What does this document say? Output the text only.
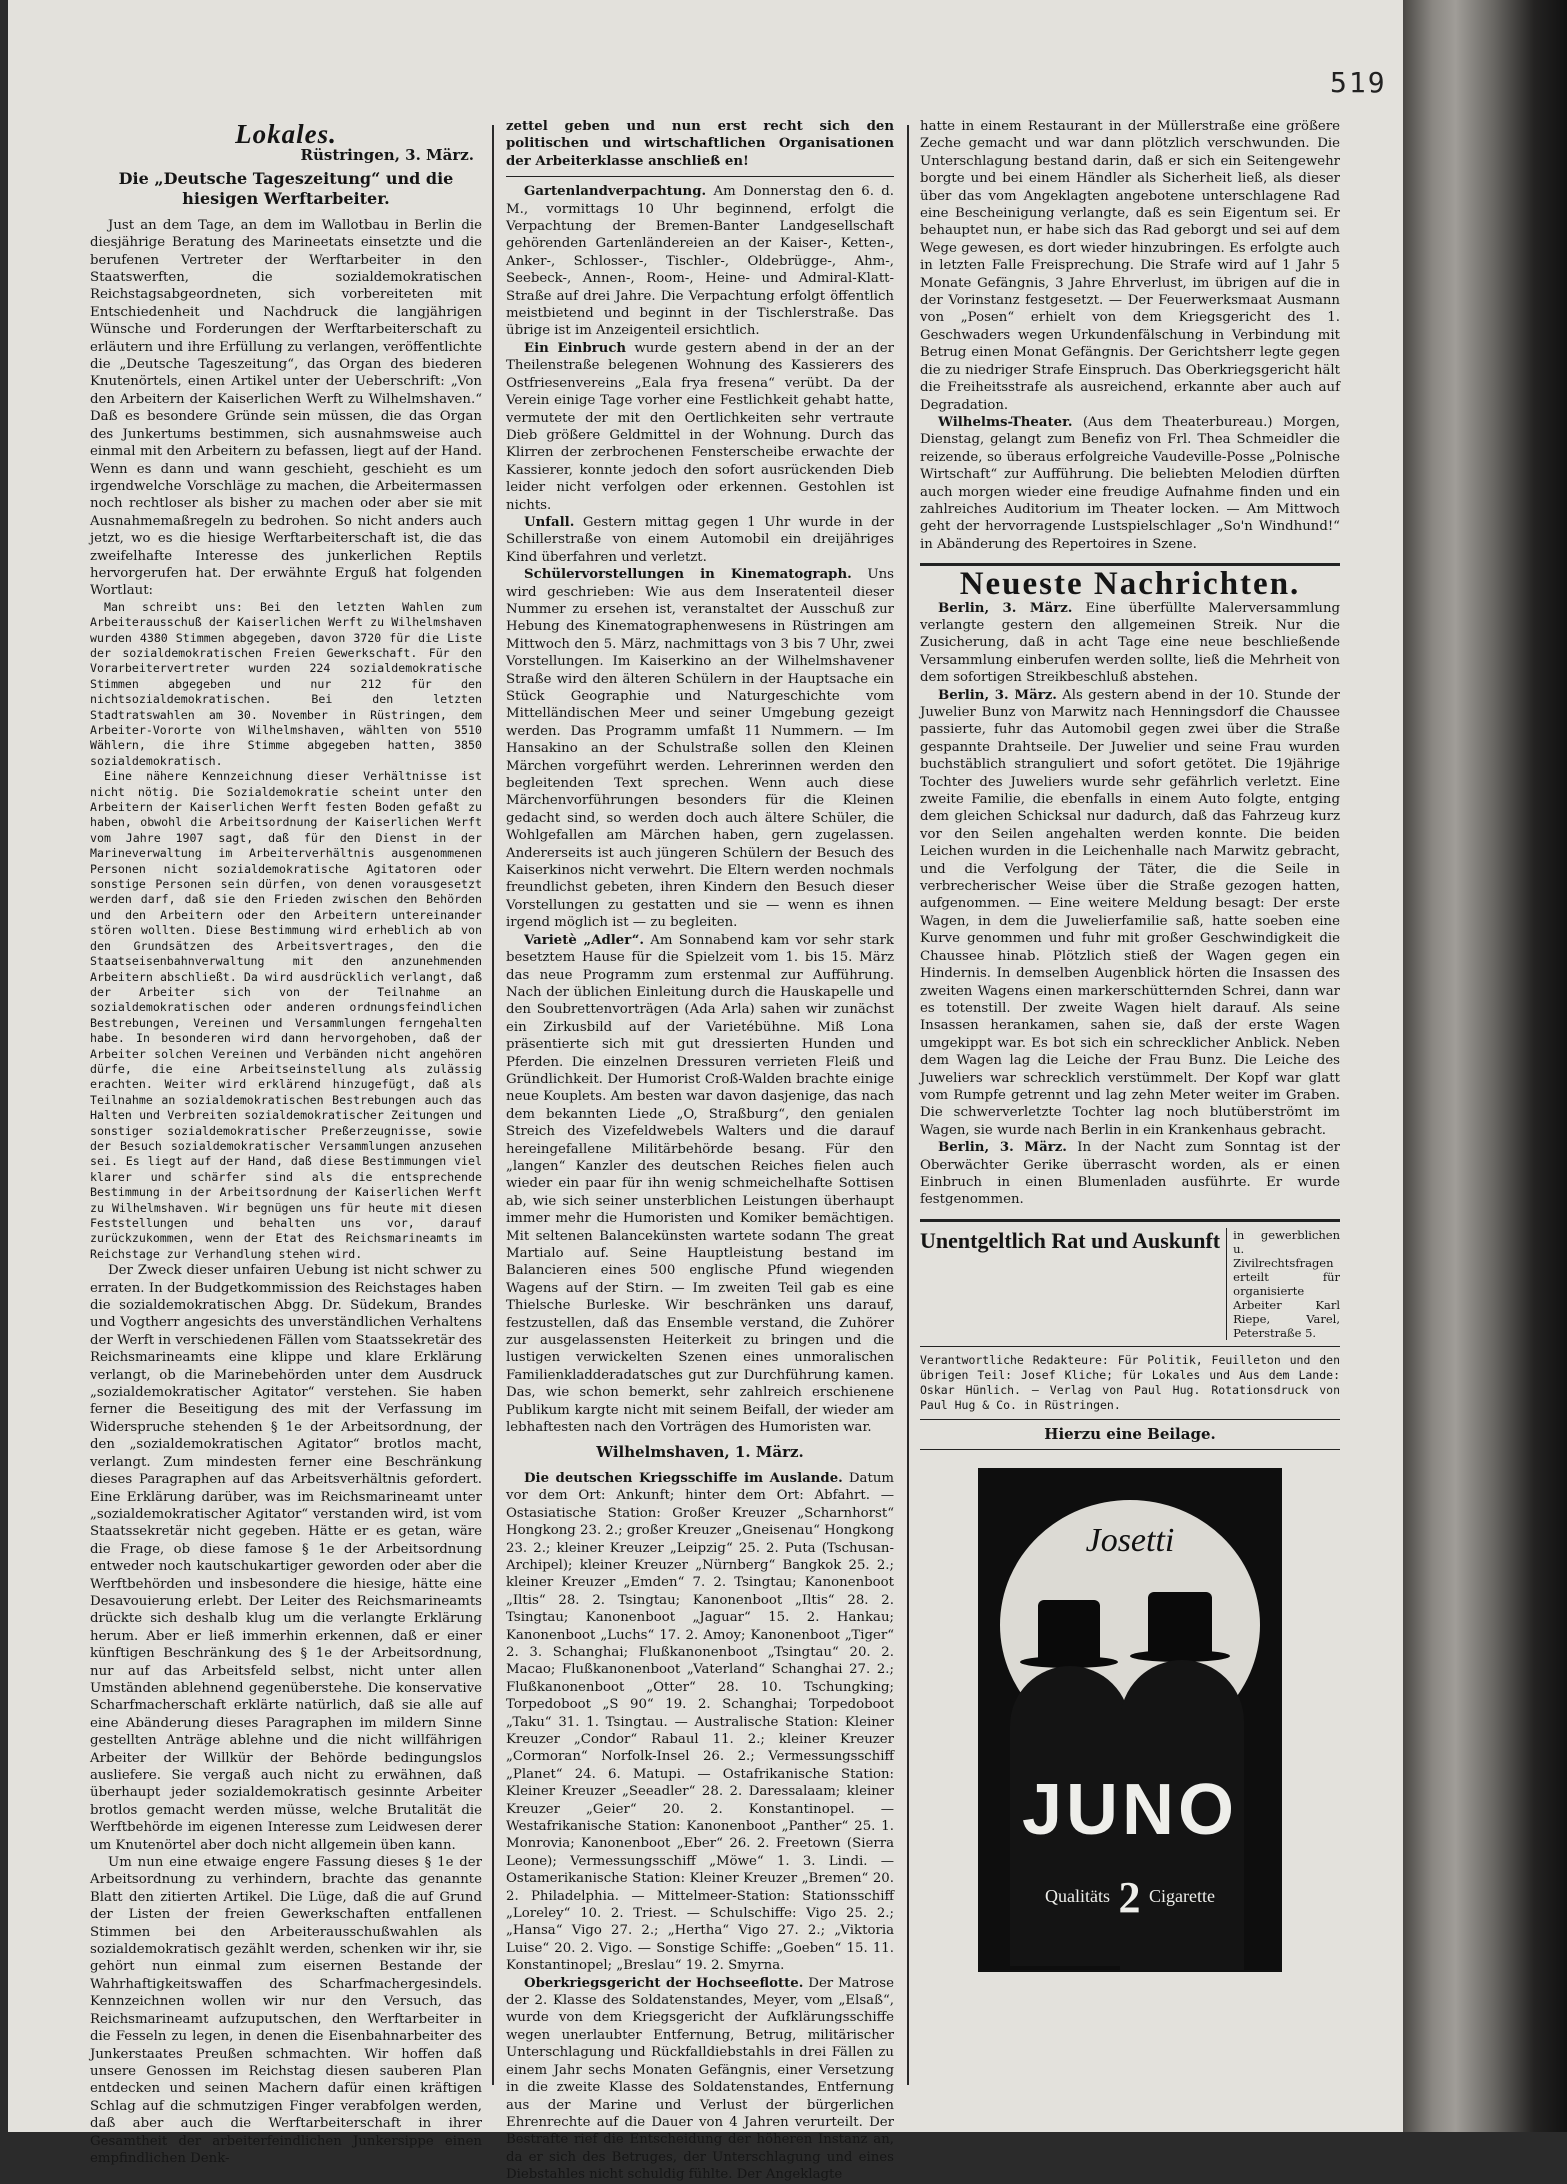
519
Lokales.
Rüstringen, 3. März.
Die „Deutsche Tageszeitung“ und die hiesigen Werftarbeiter.

Just an dem Tage, an dem im Wallotbau in Berlin die diesjährige Beratung des Marineetats einsetzte und die berufenen Vertreter der Werftarbeiter in den Staatswerften, die sozialdemokratischen Reichstagsabgeordneten, sich vorbereiteten mit Entschiedenheit und Nachdruck die langjährigen Wünsche und Forderungen der Werftarbeiterschaft zu erläutern und ihre Erfüllung zu verlangen, veröffentlichte die „Deutsche Tageszeitung“, das Organ des biederen Knutenörtels, einen Artikel unter der Ueberschrift: „Von den Arbeitern der Kaiserlichen Werft zu Wilhelmshaven.“ Daß es besondere Gründe sein müssen, die das Organ des Junkertums bestimmen, sich ausnahmsweise auch einmal mit den Arbeitern zu befassen, liegt auf der Hand. Wenn es dann und wann geschieht, geschieht es um irgendwelche Vorschläge zu machen, die Arbeitermassen noch rechtloser als bisher zu machen oder aber sie mit Ausnahmemaßregeln zu bedrohen. So nicht anders auch jetzt, wo es die hiesige Werftarbeiterschaft ist, die das zweifelhafte Interesse des junkerlichen Reptils hervorgerufen hat. Der erwähnte Erguß hat folgenden Wortlaut:

Man schreibt uns: Bei den letzten Wahlen zum Arbeiterausschuß der Kaiserlichen Werft zu Wilhelmshaven wurden 4380 Stimmen abgegeben, davon 3720 für die Liste der sozialdemokratischen Freien Gewerkschaft. Für den Vorarbeitervertreter wurden 224 sozialdemokratische Stimmen abgegeben und nur 212 für den nichtsozialdemokratischen. Bei den letzten Stadtratswahlen am 30. November in Rüstringen, dem Arbeiter-Vororte von Wilhelmshaven, wählten von 5510 Wählern, die ihre Stimme abgegeben hatten, 3850 sozialdemokratisch.

Eine nähere Kennzeichnung dieser Verhältnisse ist nicht nötig. Die Sozialdemokratie scheint unter den Arbeitern der Kaiserlichen Werft festen Boden gefaßt zu haben, obwohl die Arbeitsordnung der Kaiserlichen Werft vom Jahre 1907 sagt, daß für den Dienst in der Marineverwaltung im Arbeiterverhältnis ausgenommenen Personen nicht sozialdemokratische Agitatoren oder sonstige Personen sein dürfen, von denen vorausgesetzt werden darf, daß sie den Frieden zwischen den Behörden und den Arbeitern oder den Arbeitern untereinander stören wollten. Diese Bestimmung wird erheblich ab von den Grundsätzen des Arbeitsvertrages, den die Staatseisenbahnverwaltung mit den anzunehmenden Arbeitern abschließt. Da wird ausdrücklich verlangt, daß der Arbeiter sich von der Teilnahme an sozialdemokratischen oder anderen ordnungsfeindlichen Bestrebungen, Vereinen und Versammlungen ferngehalten habe. In besonderen wird dann hervorgehoben, daß der Arbeiter solchen Vereinen und Verbänden nicht angehören dürfe, die eine Arbeitseinstellung als zulässig erachten. Weiter wird erklärend hinzugefügt, daß als Teilnahme an sozialdemokratischen Bestrebungen auch das Halten und Verbreiten sozialdemokratischer Zeitungen und sonstiger sozialdemokratischer Preßerzeugnisse, sowie der Besuch sozialdemokratischer Versammlungen anzusehen sei. Es liegt auf der Hand, daß diese Bestimmungen viel klarer und schärfer sind als die entsprechende Bestimmung in der Arbeitsordnung der Kaiserlichen Werft zu Wilhelmshaven. Wir begnügen uns für heute mit diesen Feststellungen und behalten uns vor, darauf zurückzukommen, wenn der Etat des Reichsmarineamts im Reichstage zur Verhandlung stehen wird.

Der Zweck dieser unfairen Uebung ist nicht schwer zu erraten. In der Budgetkommission des Reichstages haben die sozialdemokratischen Abgg. Dr. Südekum, Brandes und Vogtherr angesichts des unverständlichen Verhaltens der Werft in verschiedenen Fällen vom Staatssekretär des Reichsmarineamts eine klippe und klare Erklärung verlangt, ob die Marinebehörden unter dem Ausdruck „sozialdemokratischer Agitator“ verstehen. Sie haben ferner die Beseitigung des mit der Verfassung im Widerspruche stehenden § 1e der Arbeitsordnung, der den „sozialdemokratischen Agitator“ brotlos macht, verlangt. Zum mindesten ferner eine Beschränkung dieses Paragraphen auf das Arbeitsverhältnis gefordert. Eine Erklärung darüber, was im Reichsmarineamt unter „sozialdemokratischer Agitator“ verstanden wird, ist vom Staatssekretär nicht gegeben. Hätte er es getan, wäre die Frage, ob diese famose § 1e der Arbeitsordnung entweder noch kautschukartiger geworden oder aber die Werftbehörden und insbesondere die hiesige, hätte eine Desavouierung erlebt. Der Leiter des Reichsmarineamts drückte sich deshalb klug um die verlangte Erklärung herum. Aber er ließ immerhin erkennen, daß er einer künftigen Beschränkung des § 1e der Arbeitsordnung, nur auf das Arbeitsfeld selbst, nicht unter allen Umständen ablehnend gegenüberstehe. Die konservative Scharfmacherschaft erklärte natürlich, daß sie alle auf eine Abänderung dieses Paragraphen im mildern Sinne gestellten Anträge ablehne und die nicht willfährigen Arbeiter der Willkür der Behörde bedingungslos ausliefere. Sie vergaß auch nicht zu erwähnen, daß überhaupt jeder sozialdemokratisch gesinnte Arbeiter brotlos gemacht werden müsse, welche Brutalität die Werftbehörde im eigenen Interesse zum Leidwesen derer um Knutenörtel aber doch nicht allgemein üben kann.

Um nun eine etwaige engere Fassung dieses § 1e der Arbeitsordnung zu verhindern, brachte das genannte Blatt den zitierten Artikel. Die Lüge, daß die auf Grund der Listen der freien Gewerkschaften entfallenen Stimmen bei den Arbeiterausschußwahlen als sozialdemokratisch gezählt werden, schenken wir ihr, sie gehört nun einmal zum eisernen Bestande der Wahrhaftigkeitswaffen des Scharfmachergesindels. Kennzeichnen wollen wir nur den Versuch, das Reichsmarineamt aufzuputschen, den Werftarbeiter in die Fesseln zu legen, in denen die Eisenbahnarbeiter des Junkerstaates Preußen schmachten. Wir hoffen daß unsere Genossen im Reichstag diesen sauberen Plan entdecken und seinen Machern dafür einen kräftigen Schlag auf die schmutzigen Finger verabfolgen werden, daß aber auch die Werftarbeiterschaft in ihrer Gesamtheit der arbeiterfeindlichen Junkersippe einen empfindlichen Denk-

zettel geben und nun erst recht sich den politischen und wirtschaftlichen Organisationen der Arbeiterklasse anschließ en!

Gartenlandverpachtung. Am Donnerstag den 6. d. M., vormittags 10 Uhr beginnend, erfolgt die Verpachtung der Bremen-Banter Landgesellschaft gehörenden Gartenländereien an der Kaiser-, Ketten-, Anker-, Schlosser-, Tischler-, Oldebrügge-, Ahm-, Seebeck-, Annen-, Room-, Heine- und Admiral-Klatt-Straße auf drei Jahre. Die Verpachtung erfolgt öffentlich meistbietend und beginnt in der Tischlerstraße. Das übrige ist im Anzeigenteil ersichtlich.

Ein Einbruch wurde gestern abend in der an der Theilenstraße belegenen Wohnung des Kassierers des Ostfriesenvereins „Eala frya fresena“ verübt. Da der Verein einige Tage vorher eine Festlichkeit gehabt hatte, vermutete der mit den Oertlichkeiten sehr vertraute Dieb größere Geldmittel in der Wohnung. Durch das Klirren der zerbrochenen Fensterscheibe erwachte der Kassierer, konnte jedoch den sofort ausrückenden Dieb leider nicht verfolgen oder erkennen. Gestohlen ist nichts.

Unfall. Gestern mittag gegen 1 Uhr wurde in der Schillerstraße von einem Automobil ein dreijähriges Kind überfahren und verletzt.

Schülervorstellungen in Kinematograph. Uns wird geschrieben: Wie aus dem Inseratenteil dieser Nummer zu ersehen ist, veranstaltet der Ausschuß zur Hebung des Kinematographenwesens in Rüstringen am Mittwoch den 5. März, nachmittags von 3 bis 7 Uhr, zwei Vorstellungen. Im Kaiserkino an der Wilhelmshavener Straße wird den älteren Schülern in der Hauptsache ein Stück Geographie und Naturgeschichte vom Mittelländischen Meer und seiner Umgebung gezeigt werden. Das Programm umfaßt 11 Nummern. — Im Hansakino an der Schulstraße sollen den Kleinen Märchen vorgeführt werden. Lehrerinnen werden den begleitenden Text sprechen. Wenn auch diese Märchenvorführungen besonders für die Kleinen gedacht sind, so werden doch auch ältere Schüler, die Wohlgefallen am Märchen haben, gern zugelassen. Andererseits ist auch jüngeren Schülern der Besuch des Kaiserkinos nicht verwehrt. Die Eltern werden nochmals freundlichst gebeten, ihren Kindern den Besuch dieser Vorstellungen zu gestatten und sie — wenn es ihnen irgend möglich ist — zu begleiten.

Varietè „Adler“. Am Sonnabend kam vor sehr stark besetztem Hause für die Spielzeit vom 1. bis 15. März das neue Programm zum erstenmal zur Aufführung. Nach der üblichen Einleitung durch die Hauskapelle und den Soubrettenvorträgen (Ada Arla) sahen wir zunächst ein Zirkusbild auf der Varietébühne. Miß Lona präsentierte sich mit gut dressierten Hunden und Pferden. Die einzelnen Dressuren verrieten Fleiß und Gründlichkeit. Der Humorist Croß-Walden brachte einige neue Kouplets. Am besten war davon dasjenige, das nach dem bekannten Liede „O, Straßburg“, den genialen Streich des Vizefeldwebels Walters und die darauf hereingefallene Militärbehörde besang. Für den „langen“ Kanzler des deutschen Reiches fielen auch wieder ein paar für ihn wenig schmeichelhafte Sottisen ab, wie sich seiner unsterblichen Leistungen überhaupt immer mehr die Humoristen und Komiker bemächtigen. Mit seltenen Balancekünsten wartete sodann The great Martialo auf. Seine Hauptleistung bestand im Balancieren eines 500 englische Pfund wiegenden Wagens auf der Stirn. — Im zweiten Teil gab es eine Thielsche Burleske. Wir beschränken uns darauf, festzustellen, daß das Ensemble verstand, die Zuhörer zur ausgelassensten Heiterkeit zu bringen und die lustigen verwickelten Szenen eines unmoralischen Familienkladderadatsches gut zur Durchführung kamen. Das, wie schon bemerkt, sehr zahlreich erschienene Publikum kargte nicht mit seinem Beifall, der wieder am lebhaftesten nach den Vorträgen des Humoristen war.

Wilhelmshaven, 1. März.

Die deutschen Kriegsschiffe im Auslande. Datum vor dem Ort: Ankunft; hinter dem Ort: Abfahrt. — Ostasiatische Station: Großer Kreuzer „Scharnhorst“ Hongkong 23. 2.; großer Kreuzer „Gneisenau“ Hongkong 23. 2.; kleiner Kreuzer „Leipzig“ 25. 2. Puta (Tschusan-Archipel); kleiner Kreuzer „Nürnberg“ Bangkok 25. 2.; kleiner Kreuzer „Emden“ 7. 2. Tsingtau; Kanonenboot „Iltis“ 28. 2. Tsingtau; Kanonenboot „Iltis“ 28. 2. Tsingtau; Kanonenboot „Jaguar“ 15. 2. Hankau; Kanonenboot „Luchs“ 17. 2. Amoy; Kanonenboot „Tiger“ 2. 3. Schanghai; Flußkanonenboot „Tsingtau“ 20. 2. Macao; Flußkanonenboot „Vaterland“ Schanghai 27. 2.; Flußkanonenboot „Otter“ 28. 10. Tschungking; Torpedoboot „S 90“ 19. 2. Schanghai; Torpedoboot „Taku“ 31. 1. Tsingtau. — Australische Station: Kleiner Kreuzer „Condor“ Rabaul 11. 2.; kleiner Kreuzer „Cormoran“ Norfolk-Insel 26. 2.; Vermessungsschiff „Planet“ 24. 6. Matupi. — Ostafrikanische Station: Kleiner Kreuzer „Seeadler“ 28. 2. Daressalaam; kleiner Kreuzer „Geier“ 20. 2. Konstantinopel. — Westafrikanische Station: Kanonenboot „Panther“ 25. 1. Monrovia; Kanonenboot „Eber“ 26. 2. Freetown (Sierra Leone); Vermessungsschiff „Möwe“ 1. 3. Lindi. — Ostamerikanische Station: Kleiner Kreuzer „Bremen“ 20. 2. Philadelphia. — Mittelmeer-Station: Stationsschiff „Loreley“ 10. 2. Triest. — Schulschiffe: Vigo 25. 2.; „Hansa“ Vigo 27. 2.; „Hertha“ Vigo 27. 2.; „Viktoria Luise“ 20. 2. Vigo. — Sonstige Schiffe: „Goeben“ 15. 11. Konstantinopel; „Breslau“ 19. 2. Smyrna.

Oberkriegsgericht der Hochseeflotte. Der Matrose der 2. Klasse des Soldatenstandes, Meyer, vom „Elsaß“, wurde von dem Kriegsgericht der Aufklärungsschiffe wegen unerlaubter Entfernung, Betrug, militärischer Unterschlagung und Rückfalldiebstahls in drei Fällen zu einem Jahr sechs Monaten Gefängnis, einer Versetzung in die zweite Klasse des Soldatenstandes, Entfernung aus der Marine und Verlust der bürgerlichen Ehrenrechte auf die Dauer von 4 Jahren verurteilt. Der Bestrafte rief die Entscheidung der höheren Instanz an, da er sich des Betruges, der Unterschlagung und eines Diebstahles nicht schuldig fühlte. Der Angeklagte

hatte in einem Restaurant in der Müllerstraße eine größere Zeche gemacht und war dann plötzlich verschwunden. Die Unterschlagung bestand darin, daß er sich ein Seitengewehr borgte und bei einem Händler als Sicherheit ließ, als dieser über das vom Angeklagten angebotene unterschlagene Rad eine Bescheinigung verlangte, daß es sein Eigentum sei. Er behauptet nun, er habe sich das Rad geborgt und sei auf dem Wege gewesen, es dort wieder hinzubringen. Es erfolgte auch in letzten Falle Freisprechung. Die Strafe wird auf 1 Jahr 5 Monate Gefängnis, 3 Jahre Ehrverlust, im übrigen auf die in der Vorinstanz festgesetzt. — Der Feuerwerksmaat Ausmann von „Posen“ erhielt von dem Kriegsgericht des 1. Geschwaders wegen Urkundenfälschung in Verbindung mit Betrug einen Monat Gefängnis. Der Gerichtsherr legte gegen die zu niedriger Strafe Einspruch. Das Oberkriegsgericht hält die Freiheitsstrafe als ausreichend, erkannte aber auch auf Degradation.

Wilhelms-Theater. (Aus dem Theaterbureau.) Morgen, Dienstag, gelangt zum Benefiz von Frl. Thea Schmeidler die reizende, so überaus erfolgreiche Vaudeville-Posse „Polnische Wirtschaft“ zur Aufführung. Die beliebten Melodien dürften auch morgen wieder eine freudige Aufnahme finden und ein zahlreiches Auditorium im Theater locken. — Am Mittwoch geht der hervorragende Lustspielschlager „So'n Windhund!“ in Abänderung des Repertoires in Szene.

Neueste Nachrichten.

Berlin, 3. März. Eine überfüllte Malerversammlung verlangte gestern den allgemeinen Streik. Nur die Zusicherung, daß in acht Tage eine neue beschließende Versammlung einberufen werden sollte, ließ die Mehrheit von dem sofortigen Streikbeschluß abstehen.

Berlin, 3. März. Als gestern abend in der 10. Stunde der Juwelier Bunz von Marwitz nach Henningsdorf die Chaussee passierte, fuhr das Automobil gegen zwei über die Straße gespannte Drahtseile. Der Juwelier und seine Frau wurden buchstäblich stranguliert und sofort getötet. Die 19jährige Tochter des Juweliers wurde sehr gefährlich verletzt. Eine zweite Familie, die ebenfalls in einem Auto folgte, entging dem gleichen Schicksal nur dadurch, daß das Fahrzeug kurz vor den Seilen angehalten werden konnte. Die beiden Leichen wurden in die Leichenhalle nach Marwitz gebracht, und die Verfolgung der Täter, die die Seile in verbrecherischer Weise über die Straße gezogen hatten, aufgenommen. — Eine weitere Meldung besagt: Der erste Wagen, in dem die Juwelierfamilie saß, hatte soeben eine Kurve genommen und fuhr mit großer Geschwindigkeit die Chaussee hinab. Plötzlich stieß der Wagen gegen ein Hindernis. In demselben Augenblick hörten die Insassen des zweiten Wagens einen markerschütternden Schrei, dann war es totenstill. Der zweite Wagen hielt darauf. Als seine Insassen herankamen, sahen sie, daß der erste Wagen umgekippt war. Es bot sich ein schrecklicher Anblick. Neben dem Wagen lag die Leiche der Frau Bunz. Die Leiche des Juweliers war schrecklich verstümmelt. Der Kopf war glatt vom Rumpfe getrennt und lag zehn Meter weiter im Graben. Die schwerverletzte Tochter lag noch blutüberströmt im Wagen, sie wurde nach Berlin in ein Krankenhaus gebracht.

Berlin, 3. März. In der Nacht zum Sonntag ist der Oberwächter Gerike überrascht worden, als er einen Einbruch in einen Blumenladen ausführte. Er wurde festgenommen.

Unentgeltlich Rat und Auskunft	in gewerblichen u. Zivilrechtsfragen erteilt für organisierte Arbeiter Karl Riepe, Varel, Peterstraße 5.
Verantwortliche Redakteure: Für Politik, Feuilleton und den übrigen Teil: Josef Kliche; für Lokales und Aus dem Lande: Oskar Hünlich. — Verlag von Paul Hug. Rotationsdruck von Paul Hug & Co. in Rüstringen.
Hierzu eine Beilage.
Josetti
JUNO
Qualitäts 2 Cigarette
